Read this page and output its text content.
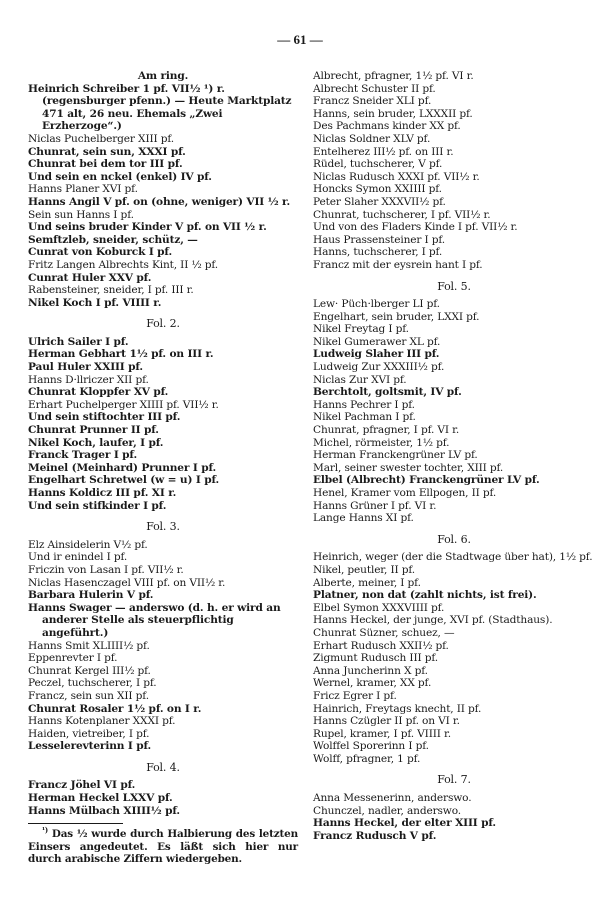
— 61 —
Am ring.
Heinrich Schreiber 1 pf. VII½ ¹) r. (regensburger pfenn.) — Heute Marktplatz 471 alt, 26 neu. Ehemals „Zwei Erzherzoge“.)
Niclas Puchelberger XIII pf.
Chunrat, sein sun, XXXI pf.
Chunrat bei dem tor III pf.
Und sein en nckel (enkel) IV pf.
Hanns Planer XVI pf.
Hanns Angil V pf. on (ohne, weniger) VII ½ r.
Sein sun Hanns I pf.
Und seins bruder Kinder V pf. on VII ½ r.
Semftzleb, sneider, schütz, —
Cunrat von Koburck I pf.
Fritz Langen Albrechts Kint, II ½ pf.
Cunrat Huler XXV pf.
Rabensteiner, sneider, I pf. III r.
Nikel Koch I pf. VIIII r.
Fol. 2.
Ulrich Sailer I pf.
Herman Gebhart 1½ pf. on III r.
Paul Huler XXIII pf.
Hanns D·llriczer XII pf.
Chunrat Kloppfer XV pf.
Erhart Puchelperger XIIII pf. VII½ r.
Und sein stiftochter III pf.
Chunrat Prunner II pf.
Nikel Koch, laufer, I pf.
Franck Trager I pf.
Meinel (Meinhard) Prunner I pf.
Engelhart Schretwel (w = u) I pf.
Hanns Koldicz III pf. XI r.
Und sein stifkinder I pf.
Fol. 3.
Elz Ainsidelerin V½ pf.
Und ir enindel I pf.
Friczin von Lasan I pf. VII½ r.
Niclas Hasenczagel VIII pf. on VII½ r.
Barbara Hulerin V pf.
Hanns Swager — anderswo (d. h. er wird an anderer Stelle als steuerpflichtig angeführt.)
Hanns Smit XLIIII½ pf.
Eppenrevter I pf.
Chunrat Kergel III½ pf.
Peczel, tuchscherer, I pf.
Francz, sein sun XII pf.
Chunrat Rosaler 1½ pf. on I r.
Hanns Kotenplaner XXXI pf.
Haiden, vietreiber, I pf.
Lesselerevterinn I pf.
Fol. 4.
Francz Jöhel VI pf.
Herman Heckel LXXV pf.
Hanns Mülbach XIIII½ pf.
$^{^1)}$ Das ½ wurde durch Halbierung des letzten Einsers angedeutet. Es läßt sich hier nur durch arabische Ziffern wiedergeben.
Albrecht, pfragner, 1½ pf. VI r.
Albrecht Schuster II pf.
Francz Sneider XLI pf.
Hanns, sein bruder, LXXXII pf.
Des Pachmans kinder XX pf.
Niclas Soldner XLV pf.
Entelherez III½ pf. on III r.
Rüdel, tuchscherer, V pf.
Niclas Rudusch XXXI pf. VII½ r.
Honcks Symon XXIIII pf.
Peter Slaher XXXVII½ pf.
Chunrat, tuchscherer, I pf. VII½ r.
Und von des Fladers Kinde I pf. VII½ r.
Haus Prassensteiner I pf.
Hanns, tuchscherer, I pf.
Francz mit der eysrein hant I pf.
Fol. 5.
Lew· Püch·lberger LI pf.
Engelhart, sein bruder, LXXI pf.
Nikel Freytag I pf.
Nikel Gumerawer XL pf.
Ludweig Slaher III pf.
Ludweig Zur XXXIII½ pf.
Niclas Zur XVI pf.
Berchtolt, goltsmit, IV pf.
Hanns Pechrer I pf.
Nikel Pachman I pf.
Chunrat, pfragner, I pf. VI r.
Michel, rörmeister, 1½ pf.
Herman Franckengrüner LV pf.
Marl, seiner swester tochter, XIII pf.
Elbel (Albrecht) Franckengrüner LV pf.
Henel, Kramer vom Ellpogen, II pf.
Hanns Grüner I pf. VI r.
Lange Hanns XI pf.
Fol. 6.
Heinrich, weger (der die Stadtwage über hat), 1½ pf.
Nikel, peutler, II pf.
Alberte, meiner, I pf.
Platner, non dat (zahlt nichts, ist frei).
Elbel Symon XXXVIIII pf.
Hanns Heckel, der junge, XVI pf. (Stadthaus).
Chunrat Süzner, schuez, —
Erhart Rudusch XXII½ pf.
Zigmunt Rudusch III pf.
Anna Juncherinn X pf.
Wernel, kramer, XX pf.
Fricz Egrer I pf.
Hainrich, Freytags knecht, II pf.
Hanns Czügler II pf. on VI r.
Rupel, kramer, I pf. VIIII r.
Wolffel Sporerinn I pf.
Wolff, pfragner, 1 pf.
Fol. 7.
Anna Messenerinn, anderswo.
Chunczel, nadler, anderswo.
Hanns Heckel, der elter XIII pf.
Francz Rudusch V pf.
